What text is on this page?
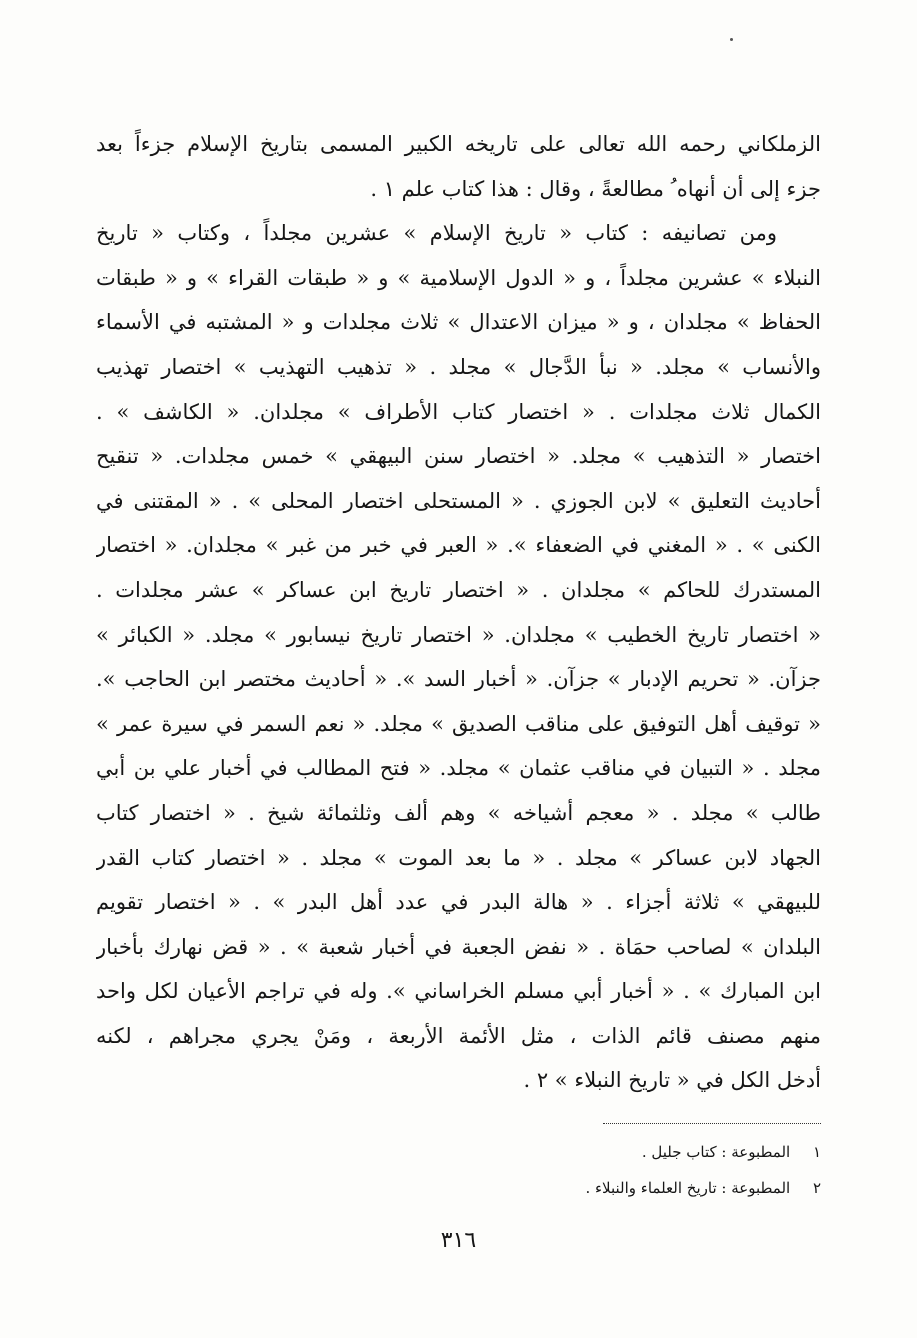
الزملكاني رحمه الله تعالى على تاريخه الكبير المسمى بتاريخ الإسلام جزءاً بعد
جزء إلى أن أنهاه ُ مطالعةً ، وقال : هذا كتاب علم ١ .
ومن تصانيفه : كتاب « تاريخ الإسلام » عشرين مجلداً ، وكتاب « تاريخ
النبلاء » عشرين مجلداً ، و « الدول الإسلامية » و « طبقات القراء » و « طبقات
الحفاظ » مجلدان ، و « ميزان الاعتدال » ثلاث مجلدات و « المشتبه في الأسماء
والأنساب » مجلد. « نبأ الدَّجال » مجلد . « تذهيب التهذيب » اختصار تهذيب
الكمال ثلاث مجلدات . « اختصار كتاب الأطراف » مجلدان. « الكاشف » .
اختصار « التذهيب » مجلد. « اختصار سنن البيهقي » خمس مجلدات. « تنقيح
أحاديث التعليق » لابن الجوزي . « المستحلى اختصار المحلى » . « المقتنى في
الكنى » . « المغني في الضعفاء ». « العبر في خبر من غبر » مجلدان. « اختصار
المستدرك للحاكم » مجلدان . « اختصار تاريخ ابن عساكر » عشر مجلدات .
« اختصار تاريخ الخطيب » مجلدان. « اختصار تاريخ نيسابور » مجلد. « الكبائر »
جزآن. « تحريم الإدبار » جزآن. « أخبار السد ». « أحاديث مختصر ابن الحاجب ».
« توقيف أهل التوفيق على مناقب الصديق » مجلد. « نعم السمر في سيرة عمر »
مجلد . « التبيان في مناقب عثمان » مجلد. « فتح المطالب في أخبار علي بن أبي
طالب » مجلد . « معجم أشياخه » وهم ألف وثلثمائة شيخ . « اختصار كتاب
الجهاد لابن عساكر » مجلد . « ما بعد الموت » مجلد . « اختصار كتاب القدر
للبيهقي » ثلاثة أجزاء . « هالة البدر في عدد أهل البدر » . « اختصار تقويم
البلدان » لصاحب حمَاة . « نفض الجعبة في أخبار شعبة » . « قض نهارك بأخبار
ابن المبارك » . « أخبار أبي مسلم الخراساني ». وله في تراجم الأعيان لكل واحد
منهم مصنف قائم الذات ، مثل الأئمة الأربعة ، ومَنْ يجري مجراهم ، لكنه
أدخل الكل في « تاريخ النبلاء » ٢ .
١ المطبوعة : كتاب جليل .
٢ المطبوعة : تاريخ العلماء والنبلاء .
٣١٦
